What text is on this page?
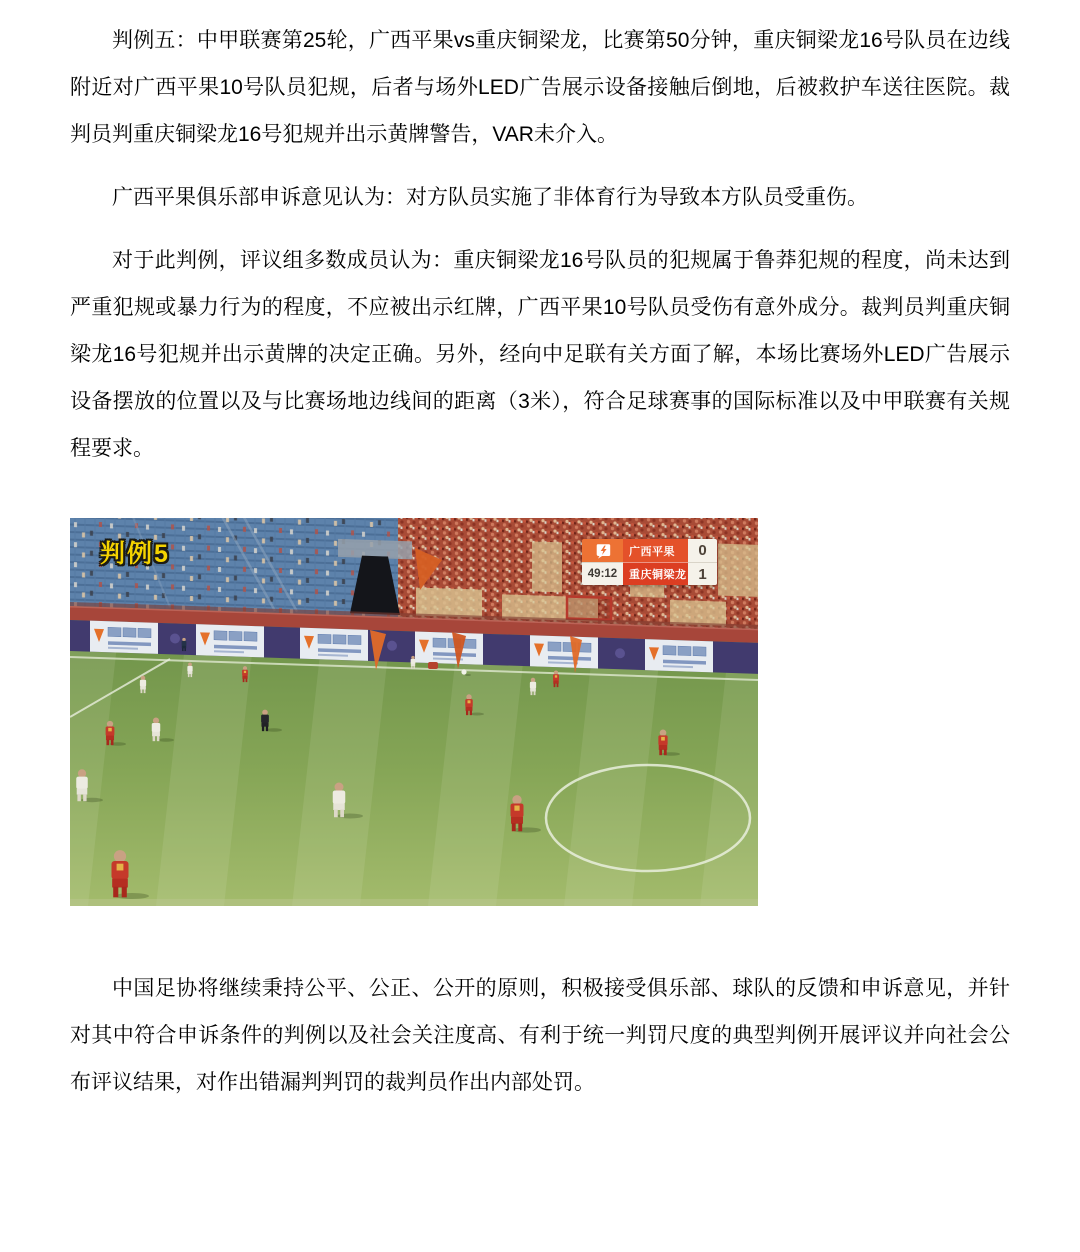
判例五：中甲联赛第25轮，广西平果vs重庆铜梁龙，比赛第50分钟，重庆铜梁龙16号队员在边线附近对广西平果10号队员犯规，后者与场外LED广告展示设备接触后倒地，后被救护车送往医院。裁判员判重庆铜梁龙16号犯规并出示黄牌警告，VAR未介入。

广西平果俱乐部申诉意见认为：对方队员实施了非体育行为导致本方队员受重伤。

对于此判例，评议组多数成员认为：重庆铜梁龙16号队员的犯规属于鲁莽犯规的程度，尚未达到严重犯规或暴力行为的程度，不应被出示红牌，广西平果10号队员受伤有意外成分。裁判员判重庆铜梁龙16号犯规并出示黄牌的决定正确。另外，经向中足联有关方面了解，本场比赛场外LED广告展示设备摆放的位置以及与比赛场地边线间的距离（3米），符合足球赛事的国际标准以及中甲联赛有关规程要求。

判例5	广西平果	0
49:12	重庆铜梁龙 1

中国足协将继续秉持公平、公正、公开的原则，积极接受俱乐部、球队的反馈和申诉意见，并针对其中符合申诉条件的判例以及社会关注度高、有利于统一判罚尺度的典型判例开展评议并向社会公布评议结果，对作出错漏判判罚的裁判员作出内部处罚。
